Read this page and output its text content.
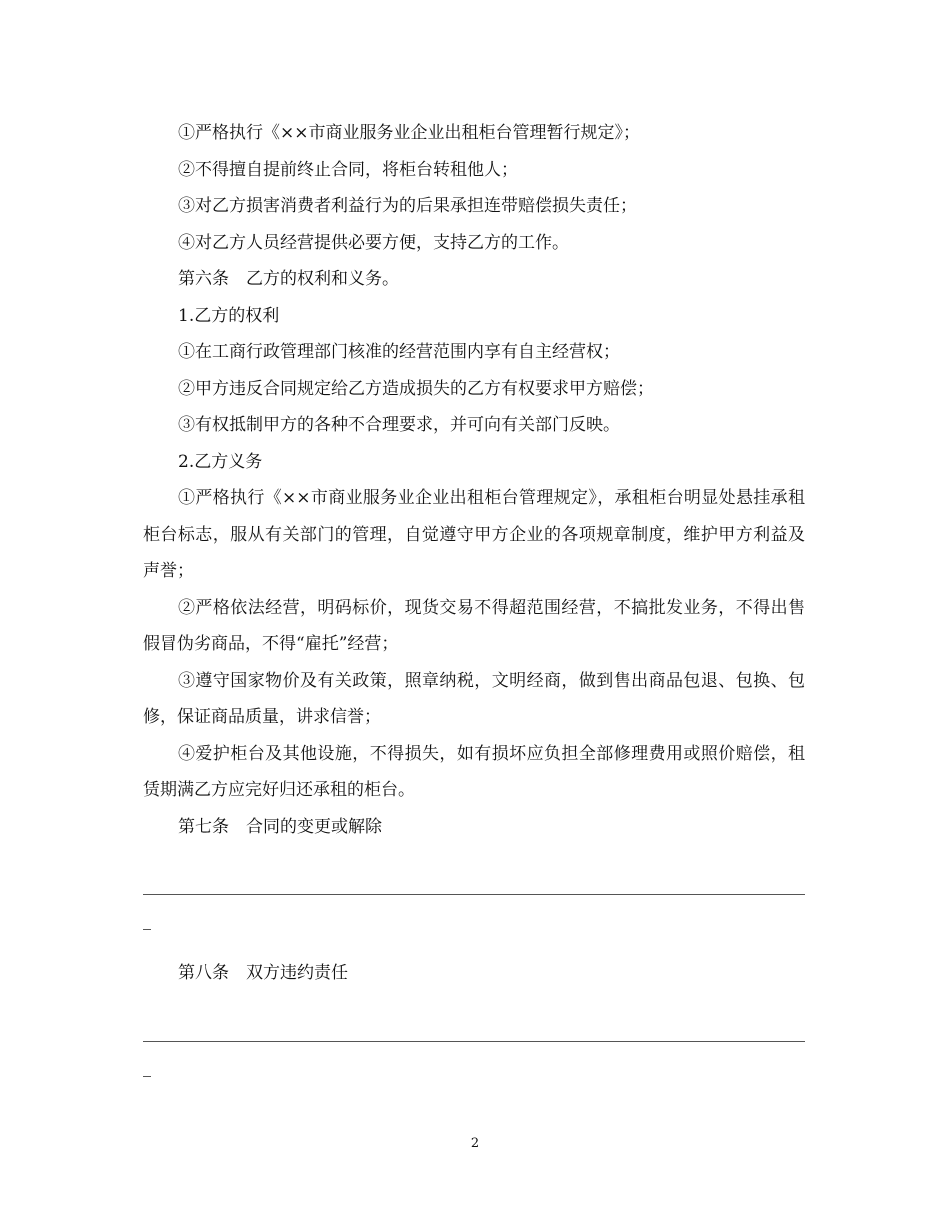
①严格执行《××市商业服务业企业出租柜台管理暂行规定》；

②不得擅自提前终止合同，将柜台转租他人；

③对乙方损害消费者利益行为的后果承担连带赔偿损失责任；

④对乙方人员经营提供必要方便，支持乙方的工作。

第六条　乙方的权利和义务。

1.乙方的权利

①在工商行政管理部门核准的经营范围内享有自主经营权；

②甲方违反合同规定给乙方造成损失的乙方有权要求甲方赔偿；

③有权抵制甲方的各种不合理要求，并可向有关部门反映。

2.乙方义务

①严格执行《××市商业服务业企业出租柜台管理规定》，承租柜台明显处悬挂承租柜台标志，服从有关部门的管理，自觉遵守甲方企业的各项规章制度，维护甲方利益及声誉；

②严格依法经营，明码标价，现货交易不得超范围经营，不搞批发业务，不得出售假冒伪劣商品，不得“雇托”经营；

③遵守国家物价及有关政策，照章纳税，文明经商，做到售出商品包退、包换、包修，保证商品质量，讲求信誉；

④爱护柜台及其他设施，不得损失，如有损坏应负担全部修理费用或照价赔偿，租赁期满乙方应完好归还承租的柜台。

第七条　合同的变更或解除

第八条　双方违约责任

2
